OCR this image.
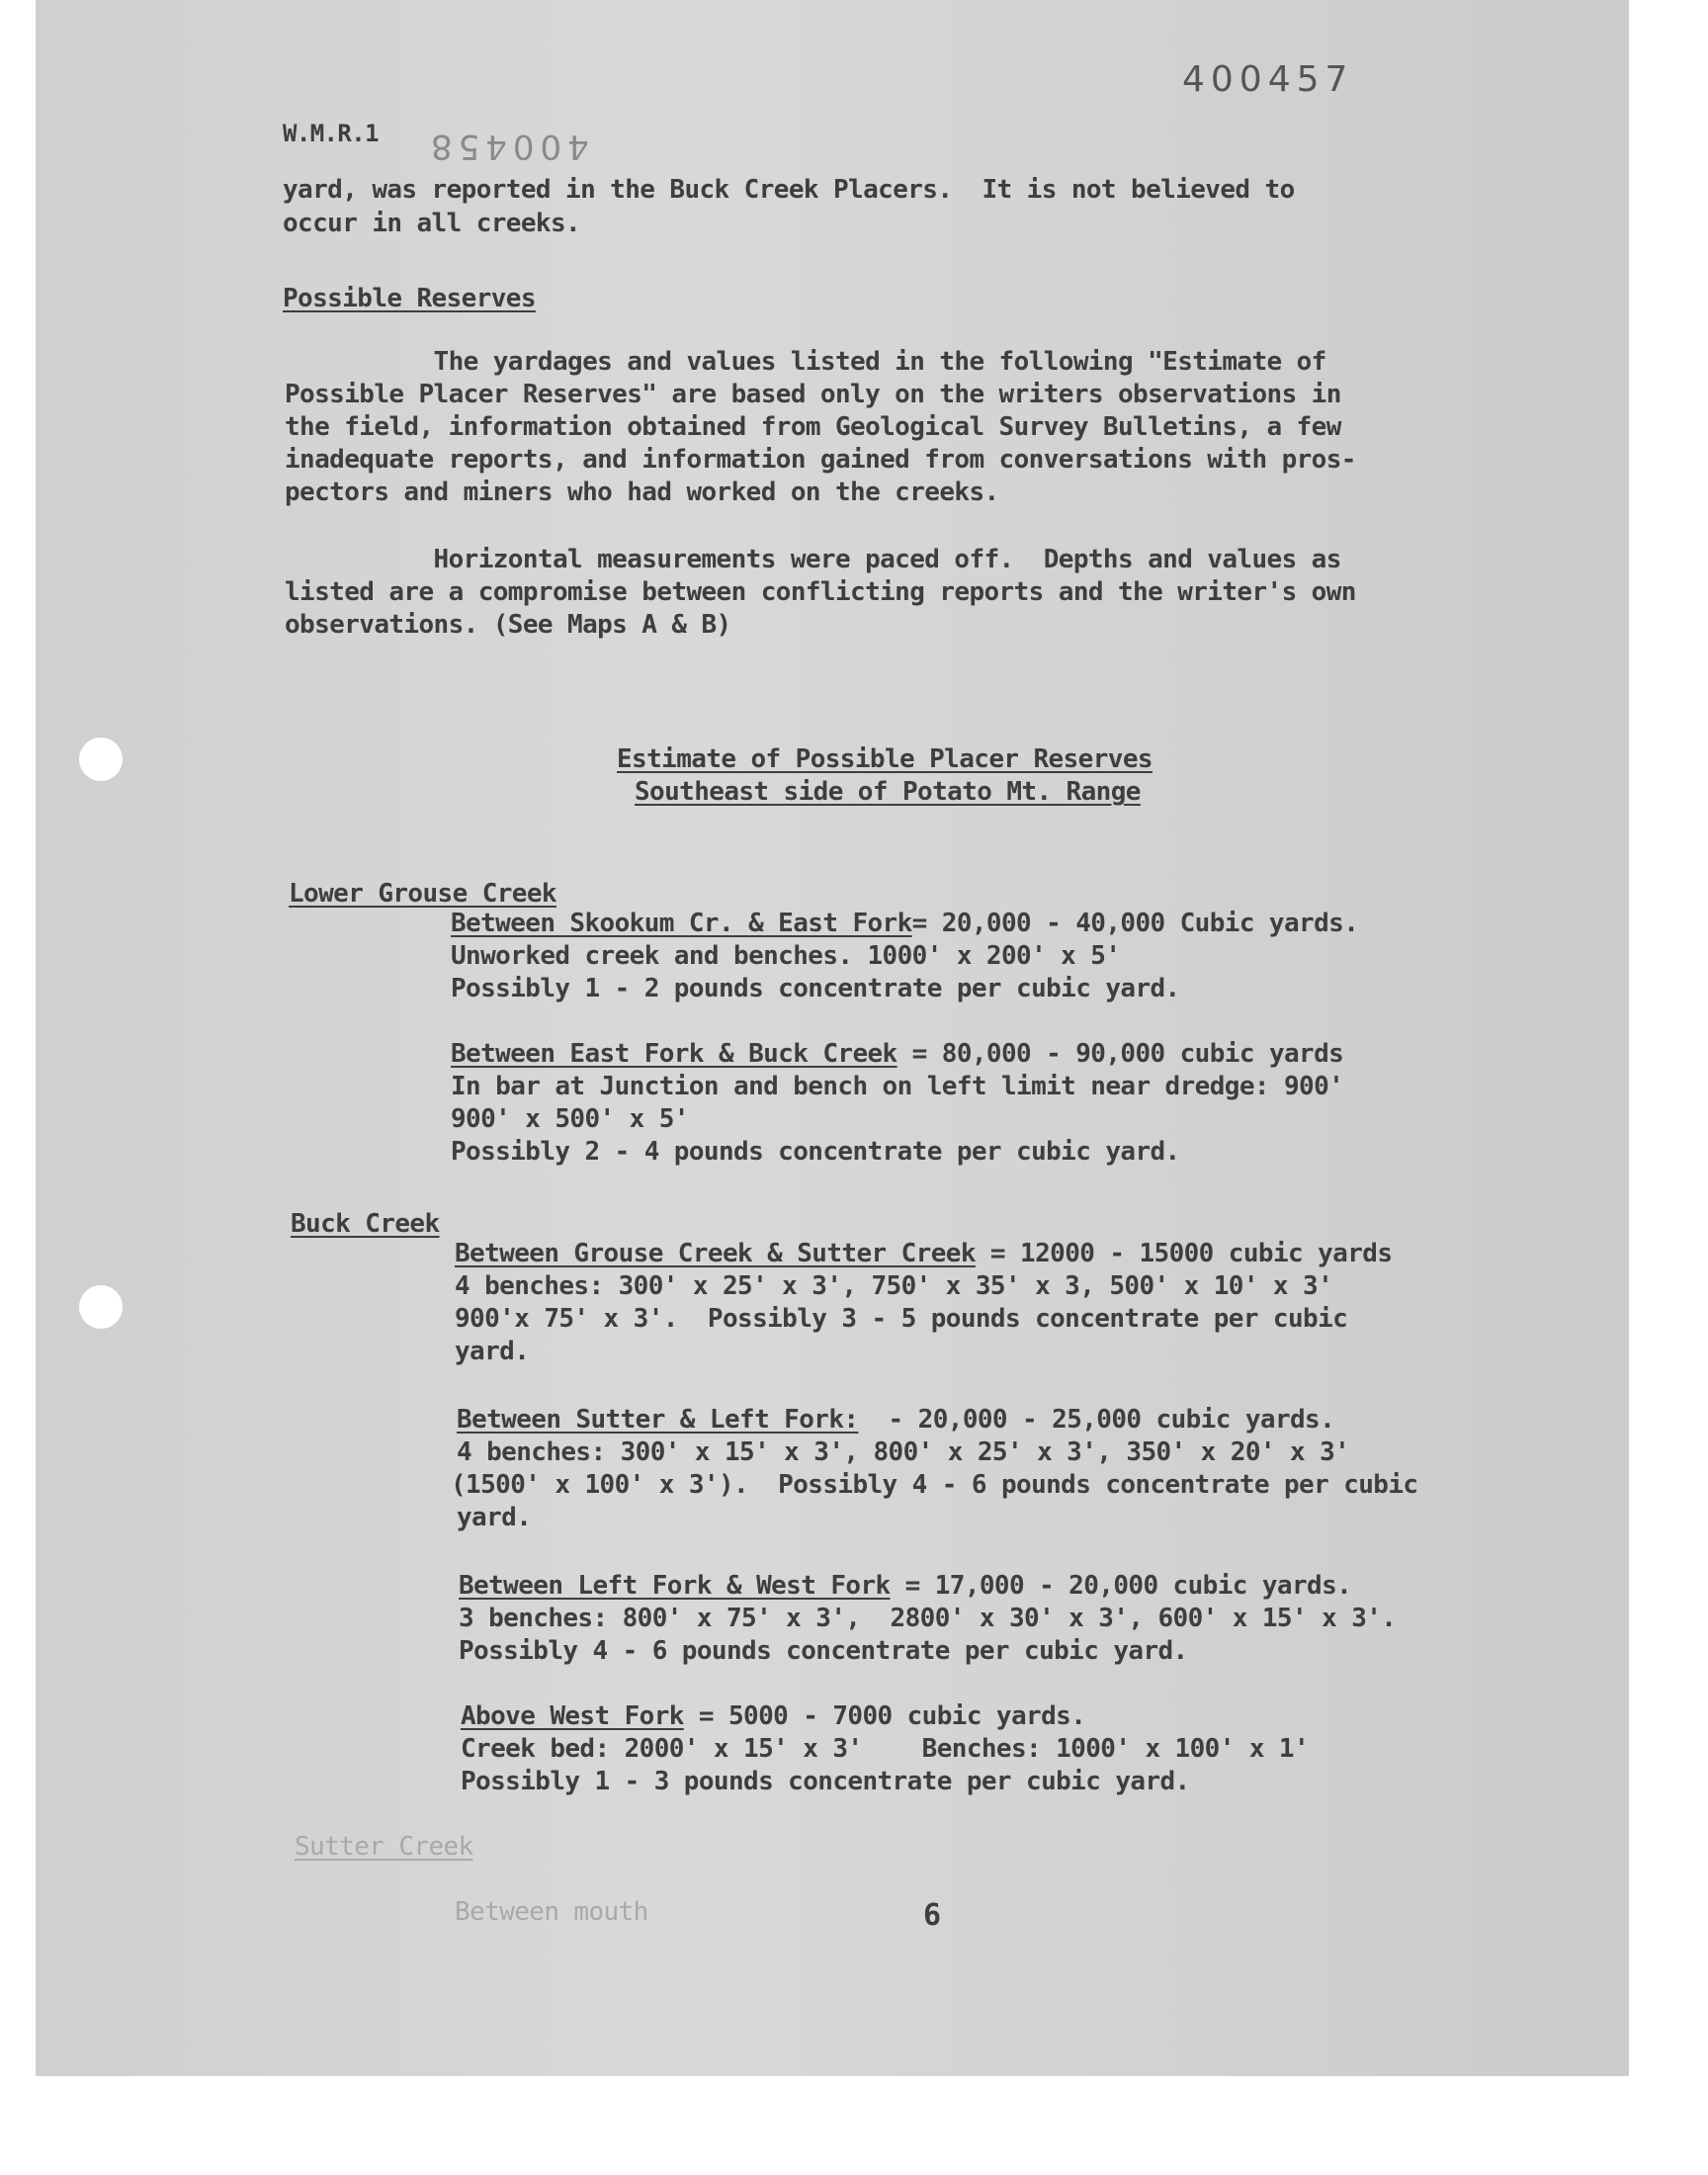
400457
400458
W.M.R.1
yard, was reported in the Buck Creek Placers.  It is not believed to
occur in all creeks.
Possible Reserves
The yardages and values listed in the following "Estimate of
Possible Placer Reserves" are based only on the writers observations in
the field, information obtained from Geological Survey Bulletins, a few
inadequate reports, and information gained from conversations with pros-
pectors and miners who had worked on the creeks.
Horizontal measurements were paced off.  Depths and values as
listed are a compromise between conflicting reports and the writer's own
observations. (See Maps A & B)
Estimate of Possible Placer Reserves
Southeast side of Potato Mt. Range
Lower Grouse Creek
Between Skookum Cr. & East Fork= 20,000 - 40,000 Cubic yards.
Unworked creek and benches. 1000' x 200' x 5'
Possibly 1 - 2 pounds concentrate per cubic yard.
Between East Fork & Buck Creek = 80,000 - 90,000 cubic yards
In bar at Junction and bench on left limit near dredge: 900'
900' x 500' x 5'
Possibly 2 - 4 pounds concentrate per cubic yard.
Buck Creek
Between Grouse Creek & Sutter Creek = 12000 - 15000 cubic yards
4 benches: 300' x 25' x 3', 750' x 35' x 3, 500' x 10' x 3'
900'x 75' x 3'.  Possibly 3 - 5 pounds concentrate per cubic
yard.
Between Sutter & Left Fork:  - 20,000 - 25,000 cubic yards.
4 benches: 300' x 15' x 3', 800' x 25' x 3', 350' x 20' x 3'
(1500' x 100' x 3').  Possibly 4 - 6 pounds concentrate per cubic
yard.
Between Left Fork & West Fork = 17,000 - 20,000 cubic yards.
3 benches: 800' x 75' x 3',  2800' x 30' x 3', 600' x 15' x 3'.
Possibly 4 - 6 pounds concentrate per cubic yard.
Above West Fork = 5000 - 7000 cubic yards.
Creek bed: 2000' x 15' x 3'    Benches: 1000' x 100' x 1'
Possibly 1 - 3 pounds concentrate per cubic yard.
Sutter Creek
Between mouth	6
